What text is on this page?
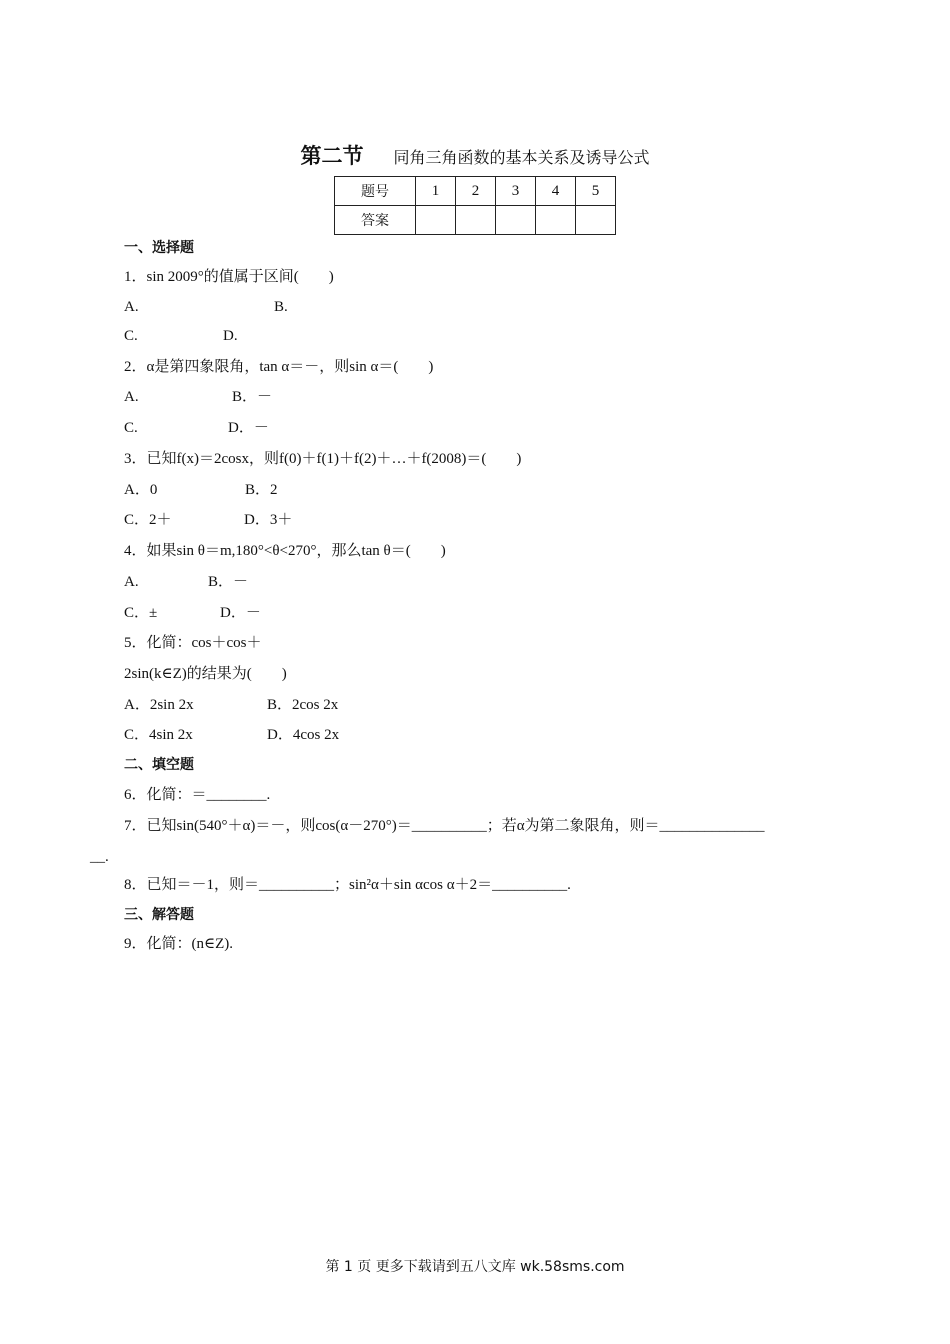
第二节 同角三角函数的基本关系及诱导公式
题号	1	2	3	4	5
答案					
一、选择题
1．sin 2009°的值属于区间(　　)
A.	B.
C.	D.
2．α是第四象限角，tan α＝－，则sin α＝(　　)
A.	B．－
C.	D．－
3．已知f(x)＝2cosx，则f(0)＋f(1)＋f(2)＋…＋f(2008)＝(　　)
A．0	B．2
C．2＋	D．3＋
4．如果sin θ＝m,180°<θ<270°，那么tan θ＝(　　)
A.	B．－
C．±	D．－
5．化简：cos＋cos＋
2sin(k∈Z)的结果为(　　)
A．2sin 2x	B．2cos 2x
C．4sin 2x	D．4cos 2x
二、填空题
6．化简：＝________.
7．已知sin(540°＋α)＝－，则cos(α－270°)＝__________；若α为第二象限角，则＝______________
__.
8．已知＝－1，则＝__________；sin²α＋sin αcos α＋2＝__________.
三、解答题
9．化简：(n∈Z).
第 1 页 更多下载请到五八文库 wk.58sms.com
